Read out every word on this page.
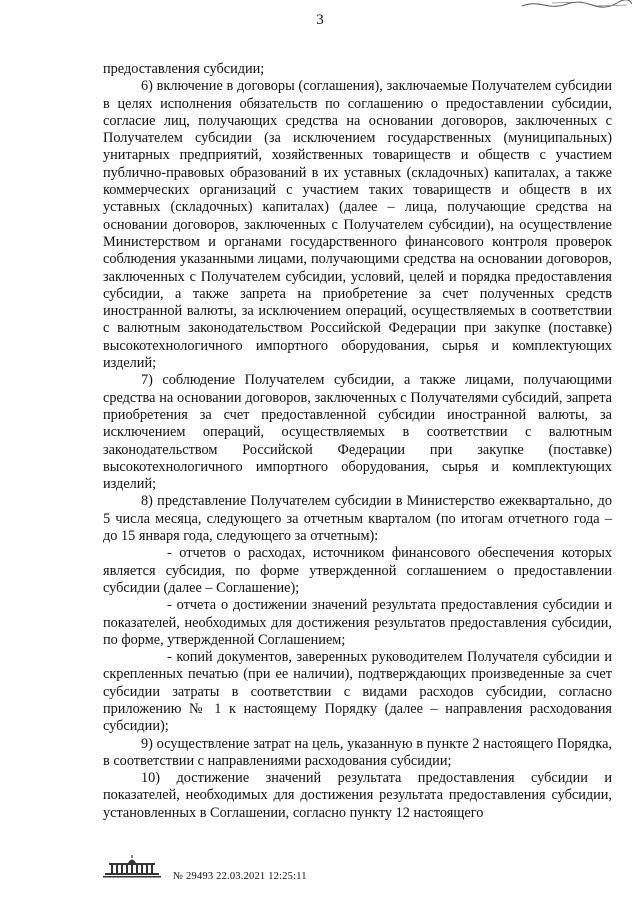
3

предоставления субсидии;

6) включение в договоры (соглашения), заключаемые Получателем субсидии в целях исполнения обязательств по соглашению о предоставлении субсидии, согласие лиц, получающих средства на основании договоров, заключенных с Получателем субсидии (за исключением государственных (муниципальных) унитарных предприятий, хозяйственных товариществ и обществ с участием публично-правовых образований в их уставных (складочных) капиталах, а также коммерческих организаций с участием таких товариществ и обществ в их уставных (складочных) капиталах) (далее – лица, получающие средства на основании договоров, заключенных с Получателем субсидии), на осуществление Министерством и органами государственного финансового контроля проверок соблюдения указанными лицами, получающими средства на основании договоров, заключенных с Получателем субсидии, условий, целей и порядка предоставления субсидии, а также запрета на приобретение за счет полученных средств иностранной валюты, за исключением операций, осуществляемых в соответствии с валютным законодательством Российской Федерации при закупке (поставке) высокотехнологичного импортного оборудования, сырья и комплектующих изделий;

7) соблюдение Получателем субсидии, а также лицами, получающими средства на основании договоров, заключенных с Получателями субсидий, запрета приобретения за счет предоставленной субсидии иностранной валюты, за исключением операций, осуществляемых в соответствии с валютным законодательством Российской Федерации при закупке (поставке) высокотехнологичного импортного оборудования, сырья и комплектующих изделий;

8) представление Получателем субсидии в Министерство ежеквартально, до 5 числа месяца, следующего за отчетным кварталом (по итогам отчетного года – до 15 января года, следующего за отчетным):

- отчетов о расходах, источником финансового обеспечения которых является субсидия, по форме утвержденной соглашением о предоставлении субсидии (далее – Соглашение);

- отчета о достижении значений результата предоставления субсидии и показателей, необходимых для достижения результатов предоставления субсидии, по форме, утвержденной Соглашением;

- копий документов, заверенных руководителем Получателя субсидии и скрепленных печатью (при ее наличии), подтверждающих произведенные за счет субсидии затраты в соответствии с видами расходов субсидии, согласно приложению № 1 к настоящему Порядку (далее – направления расходования субсидии);

9) осуществление затрат на цель, указанную в пункте 2 настоящего Порядка, в соответствии с направлениями расходования субсидии;

10) достижение значений результата предоставления субсидии и показателей, необходимых для достижения результата предоставления субсидии, установленных в Соглашении, согласно пункту 12 настоящего

№ 29493 22.03.2021 12:25:11
